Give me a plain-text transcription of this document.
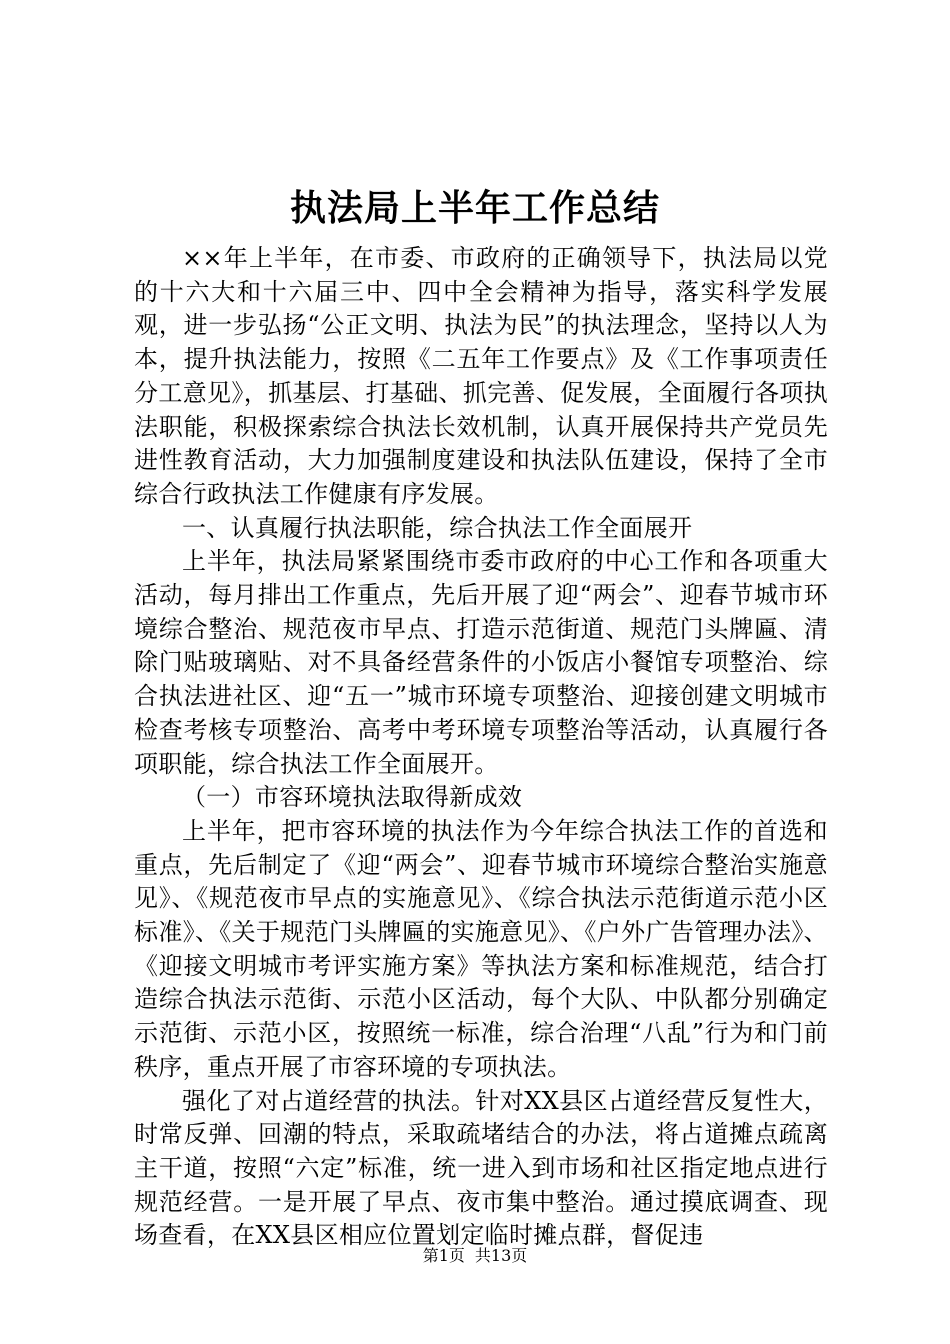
执法局上半年工作总结

××年上半年，在市委、市政府的正确领导下，执法局以党的十六大和十六届三中、四中全会精神为指导，落实科学发展观，进一步弘扬“公正文明、执法为民”的执法理念，坚持以人为本，提升执法能力，按照《二五年工作要点》及《工作事项责任分工意见》，抓基层、打基础、抓完善、促发展，全面履行各项执法职能，积极探索综合执法长效机制，认真开展保持共产党员先进性教育活动，大力加强制度建设和执法队伍建设，保持了全市综合行政执法工作健康有序发展。

一、认真履行执法职能，综合执法工作全面展开

上半年，执法局紧紧围绕市委市政府的中心工作和各项重大活动，每月排出工作重点，先后开展了迎“两会”、迎春节城市环境综合整治、规范夜市早点、打造示范街道、规范门头牌匾、清除门贴玻璃贴、对不具备经营条件的小饭店小餐馆专项整治、综合执法进社区、迎“五一”城市环境专项整治、迎接创建文明城市检查考核专项整治、高考中考环境专项整治等活动，认真履行各项职能，综合执法工作全面展开。

（一）市容环境执法取得新成效

上半年，把市容环境的执法作为今年综合执法工作的首选和重点，先后制定了《迎“两会”、迎春节城市环境综合整治实施意见》、《规范夜市早点的实施意见》、《综合执法示范街道示范小区标准》、《关于规范门头牌匾的实施意见》、《户外广告管理办法》、《迎接文明城市考评实施方案》等执法方案和标准规范，结合打造综合执法示范街、示范小区活动，每个大队、中队都分别确定示范街、示范小区，按照统一标准，综合治理“八乱”行为和门前秩序，重点开展了市容环境的专项执法。

强化了对占道经营的执法。针对XX县区占道经营反复性大，时常反弹、回潮的特点，采取疏堵结合的办法，将占道摊点疏离主干道，按照“六定”标准，统一进入到市场和社区指定地点进行规范经营。一是开展了早点、夜市集中整治。通过摸底调查、现场查看，在XX县区相应位置划定临时摊点群，督促违

第1页 共13页
